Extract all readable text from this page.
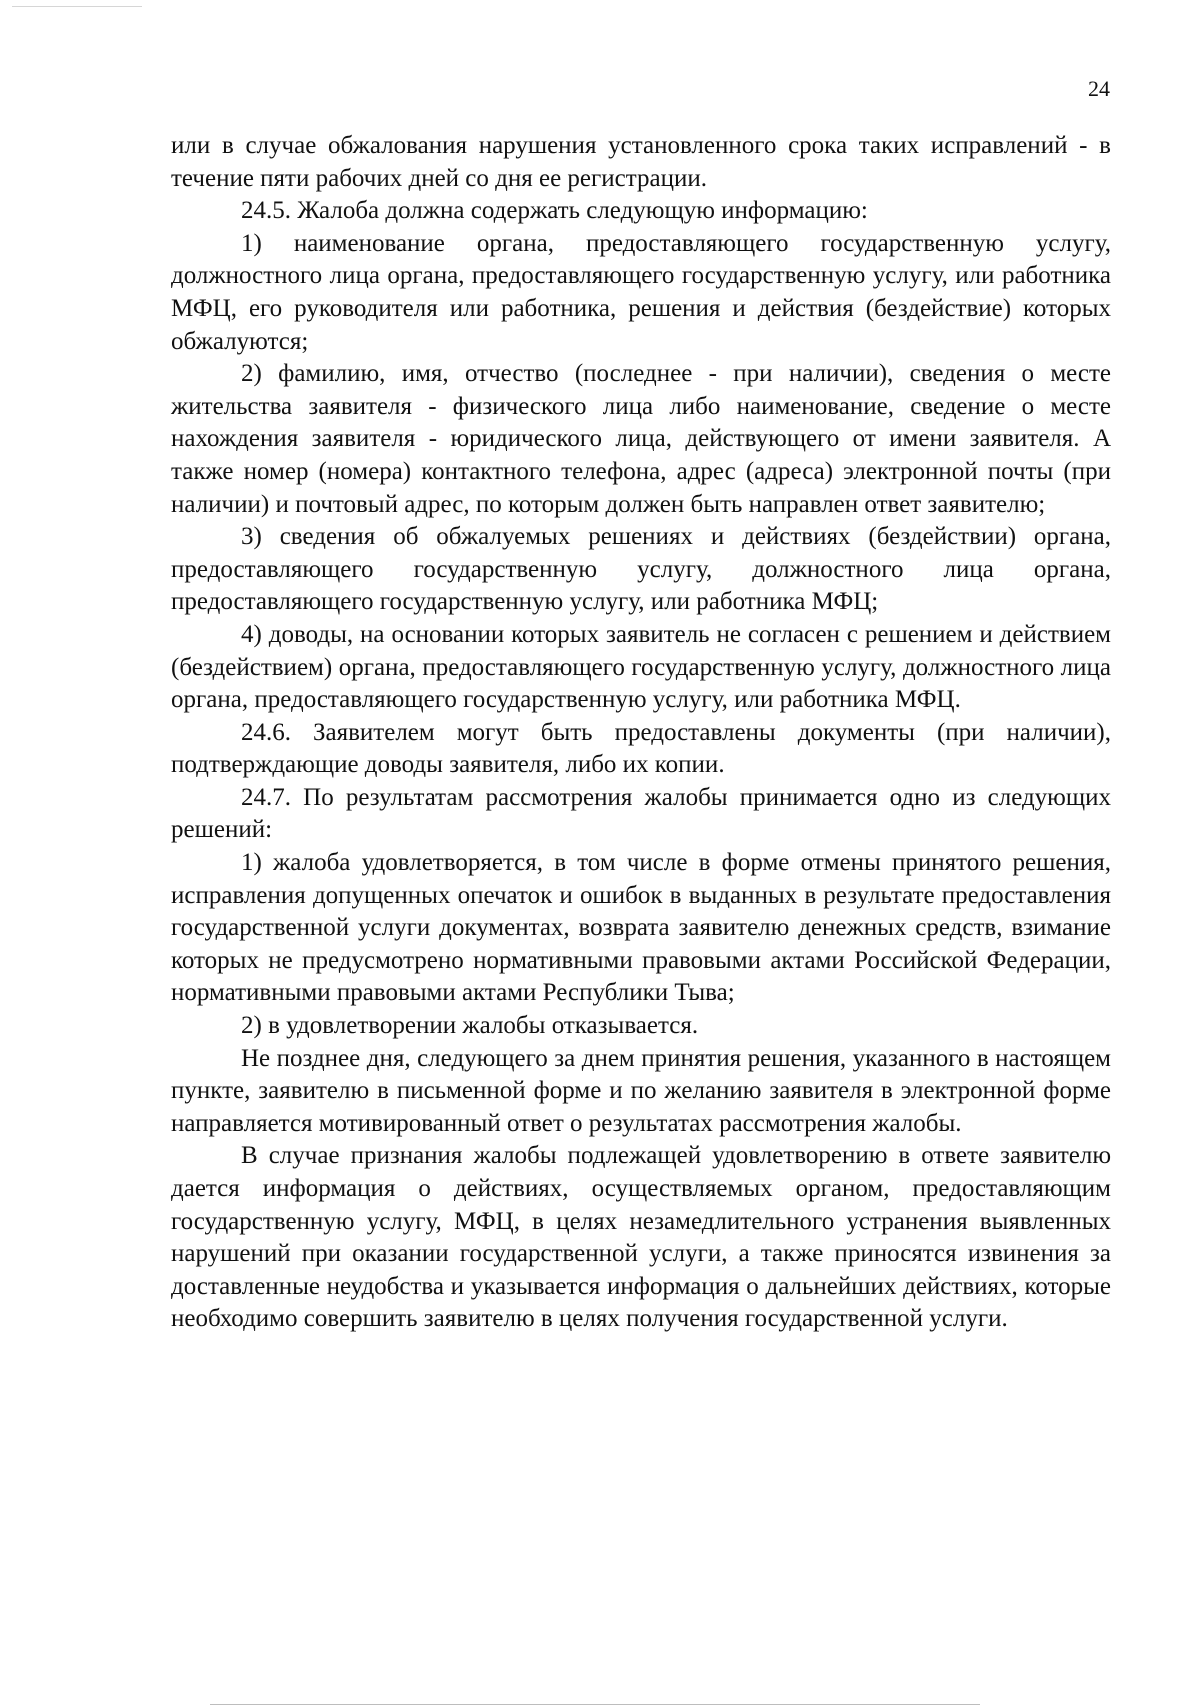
24

или в случае обжалования нарушения установленного срока таких исправлений - в течение пяти рабочих дней со дня ее регистрации.

24.5. Жалоба должна содержать следующую информацию:

1) наименование органа, предоставляющего государственную услугу, должностного лица органа, предоставляющего государственную услугу, или работника МФЦ, его руководителя или работника, решения и действия (бездействие) которых обжалуются;

2) фамилию, имя, отчество (последнее - при наличии), сведения о месте жительства заявителя - физического лица либо наименование, сведение о месте нахождения заявителя - юридического лица, действующего от имени заявителя. А также номер (номера) контактного телефона, адрес (адреса) электронной почты (при наличии) и почтовый адрес, по которым должен быть направлен ответ заявителю;

3) сведения об обжалуемых решениях и действиях (бездействии) органа, предоставляющего государственную услугу, должностного лица органа, предоставляющего государственную услугу, или работника МФЦ;

4) доводы, на основании которых заявитель не согласен с решением и действием (бездействием) органа, предоставляющего государственную услугу, должностного лица органа, предоставляющего государственную услугу, или работника МФЦ.

24.6. Заявителем могут быть предоставлены документы (при наличии), подтверждающие доводы заявителя, либо их копии.

24.7. По результатам рассмотрения жалобы принимается одно из следующих решений:

1) жалоба удовлетворяется, в том числе в форме отмены принятого решения, исправления допущенных опечаток и ошибок в выданных в результате предоставления государственной услуги документах, возврата заявителю денежных средств, взимание которых не предусмотрено нормативными правовыми актами Российской Федерации, нормативными правовыми актами Республики Тыва;

2) в удовлетворении жалобы отказывается.

Не позднее дня, следующего за днем принятия решения, указанного в настоящем пункте, заявителю в письменной форме и по желанию заявителя в электронной форме направляется мотивированный ответ о результатах рассмотрения жалобы.

В случае признания жалобы подлежащей удовлетворению в ответе заявителю дается информация о действиях, осуществляемых органом, предоставляющим государственную услугу, МФЦ, в целях незамедлительного устранения выявленных нарушений при оказании государственной услуги, а также приносятся извинения за доставленные неудобства и указывается информация о дальнейших действиях, которые необходимо совершить заявителю в целях получения государственной услуги.
